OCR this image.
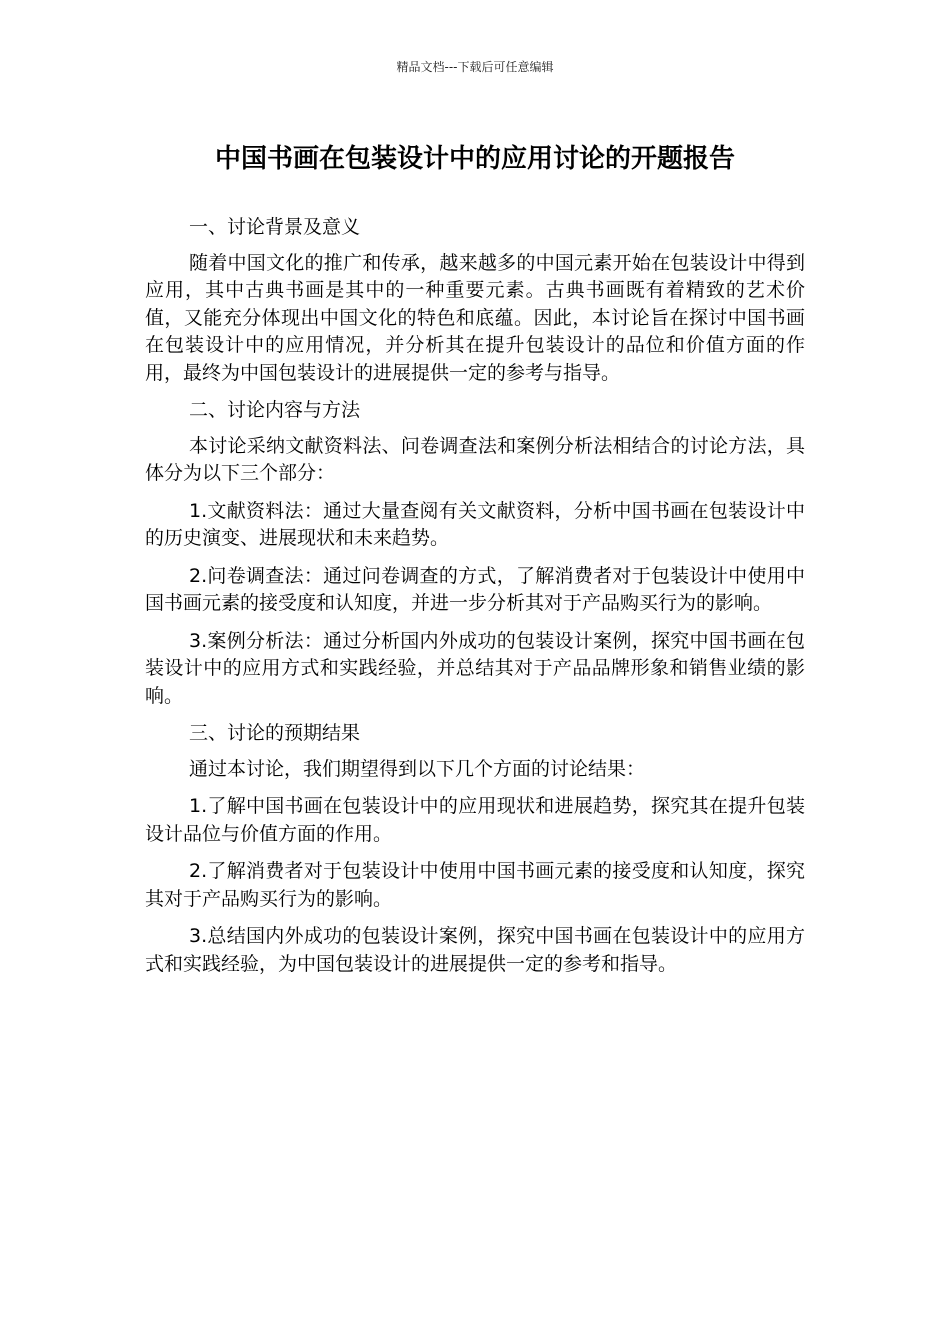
精品文档---下载后可任意编辑
中国书画在包装设计中的应用讨论的开题报告

一、讨论背景及意义

随着中国文化的推广和传承，越来越多的中国元素开始在包装设计中得到应用，其中古典书画是其中的一种重要元素。古典书画既有着精致的艺术价值，又能充分体现出中国文化的特色和底蕴。因此，本讨论旨在探讨中国书画在包装设计中的应用情况，并分析其在提升包装设计的品位和价值方面的作用，最终为中国包装设计的进展提供一定的参考与指导。

二、讨论内容与方法

本讨论采纳文献资料法、问卷调查法和案例分析法相结合的讨论方法，具体分为以下三个部分：

1.文献资料法：通过大量查阅有关文献资料，分析中国书画在包装设计中的历史演变、进展现状和未来趋势。

2.问卷调查法：通过问卷调查的方式，了解消费者对于包装设计中使用中国书画元素的接受度和认知度，并进一步分析其对于产品购买行为的影响。

3.案例分析法：通过分析国内外成功的包装设计案例，探究中国书画在包装设计中的应用方式和实践经验，并总结其对于产品品牌形象和销售业绩的影响。

三、讨论的预期结果

通过本讨论，我们期望得到以下几个方面的讨论结果：

1.了解中国书画在包装设计中的应用现状和进展趋势，探究其在提升包装设计品位与价值方面的作用。

2.了解消费者对于包装设计中使用中国书画元素的接受度和认知度，探究其对于产品购买行为的影响。

3.总结国内外成功的包装设计案例，探究中国书画在包装设计中的应用方式和实践经验，为中国包装设计的进展提供一定的参考和指导。
